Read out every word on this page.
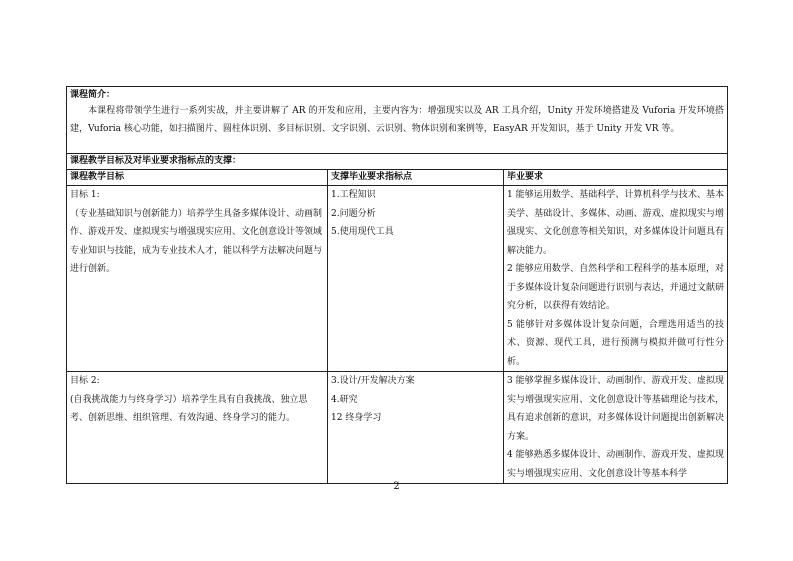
课程简介：
本课程将带领学生进行一系列实战，并主要讲解了 AR 的开发和应用，主要内容为：增强现实以及 AR 工具介绍，Unity 开发环境搭建及 Vuforia 开发环境搭建，Vuforia 核心功能，如扫描图片、圆柱体识别、多目标识别、文字识别、云识别、物体识别和案例等，EasyAR 开发知识，基于 Unity 开发 VR 等。		

课程教学目标及对毕业要求指标点的支撑：		
课程教学目标	支撑毕业要求指标点	毕业要求

目标 1:
（专业基础知识与创新能力）培养学生具备多媒体设计、动画制作、游戏开发、虚拟现实与增强现实应用、文化创意设计等领域专业知识与技能，成为专业技术人才，能以科学方法解决问题与进行创新。	1.工程知识
2.问题分析
5.使用现代工具	1 能够运用数学、基础科学、计算机科学与技术、基本美学、基础设计、多媒体、动画、游戏、虚拟现实与增强现实、文化创意等相关知识，对多媒体设计问题具有解决能力。
2 能够应用数学、自然科学和工程科学的基本原理，对于多媒体设计复杂问题进行识别与表达，并通过文献研究分析，以获得有效结论。
5 能够针对多媒体设计复杂问题，合理选用适当的技术、资源、现代工具，进行预测与模拟并做可行性分析。

目标 2:
(自我挑战能力与终身学习）培养学生具有自我挑战、独立思考、创新思维、组织管理、有效沟通、终身学习的能力。	3.设计/开发解决方案
4.研究
12 终身学习	3 能够掌握多媒体设计、动画制作、游戏开发、虚拟现实与增强现实应用、文化创意设计等基础理论与技术，具有追求创新的意识，对多媒体设计问题提出创新解决方案。
4 能够熟悉多媒体设计、动画制作、游戏开发、虚拟现实与增强现实应用、文化创意设计等基本科学
2
